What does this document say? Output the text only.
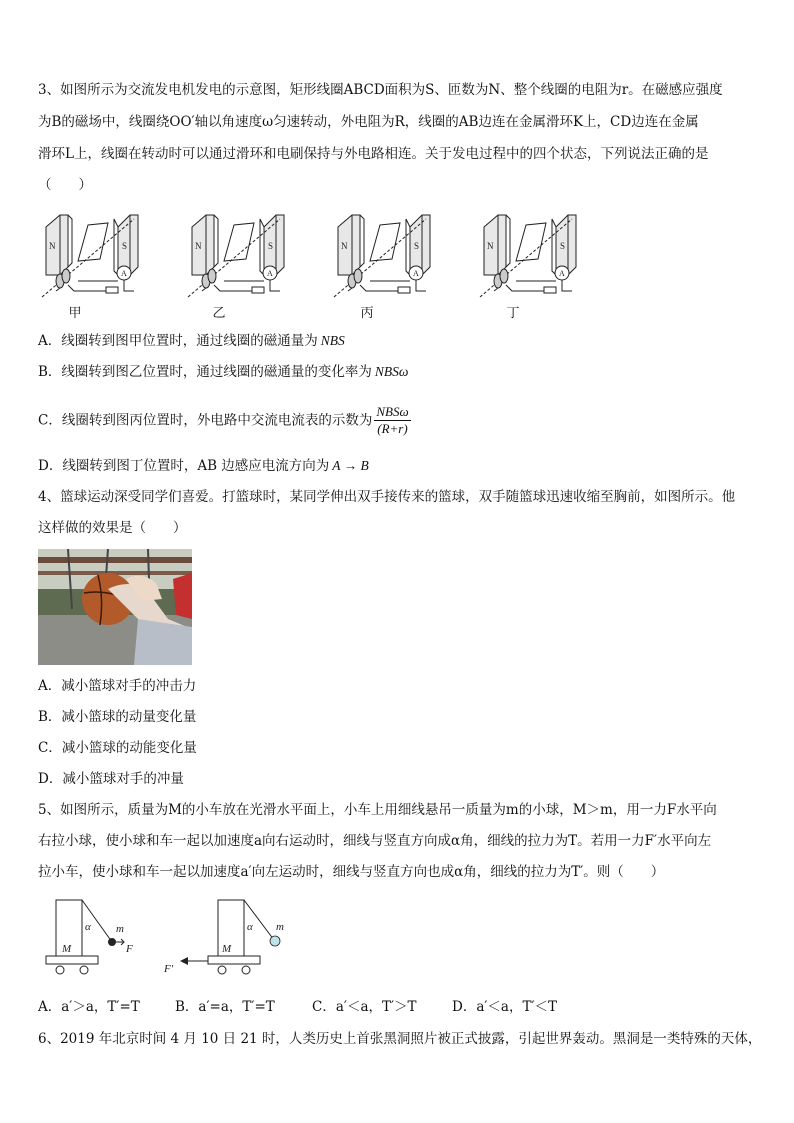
3、如图所示为交流发电机发电的示意图，矩形线圈ABCD面积为S、匝数为N、整个线圈的电阻为r。在磁感应强度
为B的磁场中，线圈绕OO′轴以角速度ω匀速转动，外电阻为R，线圈的AB边连在金属滑环K上，CD边连在金属
滑环L上，线圈在转动时可以通过滑环和电刷保持与外电路相连。关于发电过程中的四个状态，下列说法正确的是
（　　）
N	S
A
N	S
A
N	S
A
N	S
A
甲	乙	丙	丁
A．线圈转到图甲位置时，通过线圈的磁通量为 NBS
B．线圈转到图乙位置时，通过线圈的磁通量的变化率为 NBSω
C．线圈转到图丙位置时，外电路中交流电流表的示数为 $\frac{\text{NBSω}}{(R+r)}$
D．线圈转到图丁位置时，AB 边感应电流方向为 A → B
4、篮球运动深受同学们喜爱。打篮球时，某同学伸出双手接传来的篮球，双手随篮球迅速收缩至胸前，如图所示。他
这样做的效果是（　　）
A．减小篮球对手的冲击力
B．减小篮球的动量变化量
C．减小篮球的动能变化量
D．减小篮球对手的冲量
5、如图所示，质量为M的小车放在光滑水平面上，小车上用细线悬吊一质量为m的小球，M＞m，用一力F水平向
右拉小球，使小球和车一起以加速度a向右运动时，细线与竖直方向成α角，细线的拉力为T。若用一力F′水平向左
拉小车，使小球和车一起以加速度a′向左运动时，细线与竖直方向也成α角，细线的拉力为T′。则（　　）
α m
M	F
α m
M
F′
A．a′＞a，T′=T	B．a′=a，T′=T	C．a′＜a，T′＞T	D．a′＜a，T′＜T
6、2019 年北京时间 4 月 10 日 21 时，人类历史上首张黑洞照片被正式披露，引起世界轰动。黑洞是一类特殊的天体，
